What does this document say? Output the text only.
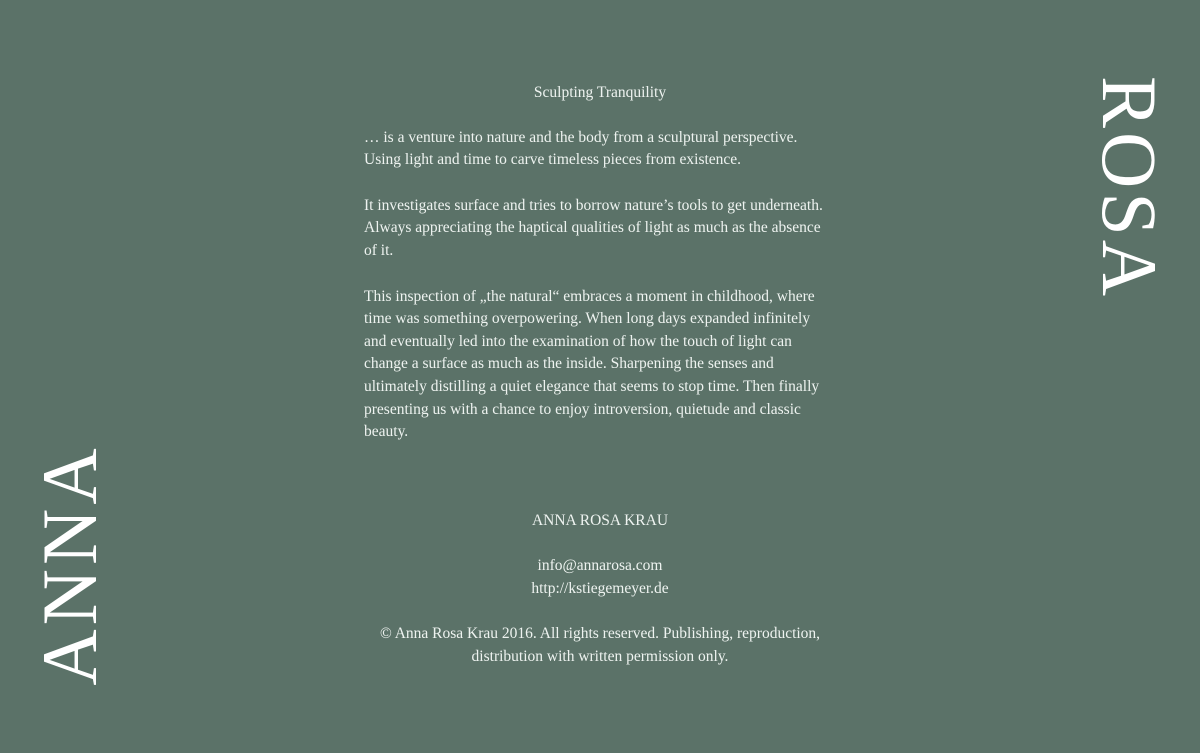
ANNA
ROSA
Sculpting Tranquility

… is a venture into nature and the body from a sculptural perspective. Using light and time to carve timeless pieces from existence.

It investigates surface and tries to borrow nature’s tools to get underneath. Always appreciating the haptical qualities of light as much as the absence of it.

This inspection of „the natural“ embraces a moment in childhood, where time was something overpowering. When long days expanded infinitely and eventually led into the examination of how the touch of light can change a surface as much as the inside. Sharpening the senses and ultimately distilling a quiet elegance that seems to stop time. Then finally presenting us with a chance to enjoy introversion, quietude and classic beauty.

ANNA ROSA KRAU
info@annarosa.com
http://kstiegemeyer.de
© Anna Rosa Krau 2016. All rights reserved. Publishing, reproduction,
distribution with written permission only.
